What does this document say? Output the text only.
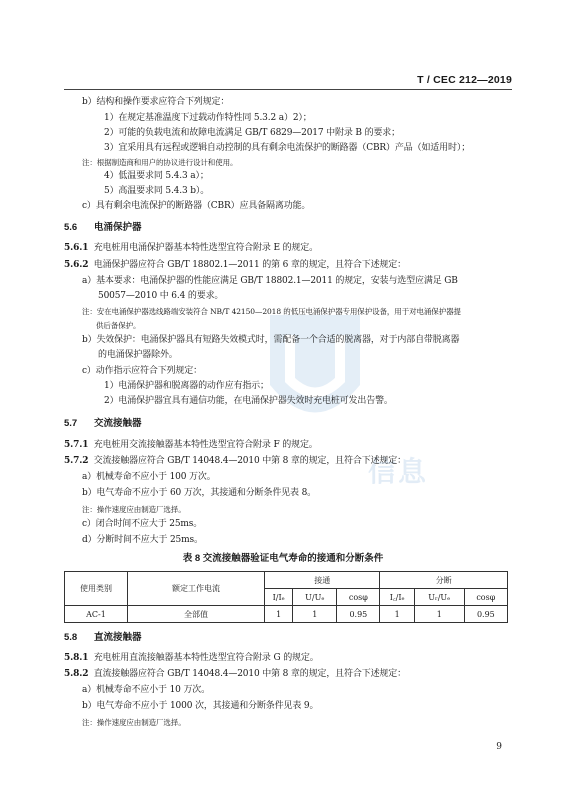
T / CEC 212—2019
信息
b）结构和操作要求应符合下列规定：
1）在规定基准温度下过载动作特性同 5.3.2 a）2）；
2）可能的负载电流和故障电流满足 GB/T 6829—2017 中附录 B 的要求；
3）宜采用具有远程或逻辑自动控制的具有剩余电流保护的断路器（CBR）产品（如适用时）；
注：根据制造商和用户的协议进行设计和使用。
4）低温要求同 5.4.3 a）；
5）高温要求同 5.4.3 b）。
c）具有剩余电流保护的断路器（CBR）应具备隔离功能。
5.6 电涌保护器
5.6.1 充电桩用电涌保护器基本特性选型宜符合附录 E 的规定。
5.6.2 电涌保护器应符合 GB/T 18802.1—2011 的第 6 章的规定，且符合下述规定：
a）基本要求：电涌保护器的性能应满足 GB/T 18802.1—2011 的规定，安装与选型应满足 GB
50057—2010 中 6.4 的要求。
注：安在电涌保护器选线路端安装符合 NB/T 42150—2018 的低压电涌保护器专用保护设备，用于对电涌保护器提
供后备保护。
b）失效保护：电涌保护器具有短路失效模式时，需配备一个合适的脱离器，对于内部自带脱离器
的电涌保护器除外。
c）动作指示应符合下列规定：
1）电涌保护器和脱离器的动作应有指示；
2）电涌保护器宜具有通信功能，在电涌保护器失效时充电桩可发出告警。
5.7 交流接触器
5.7.1 充电桩用交流接触器基本特性选型宜符合附录 F 的规定。
5.7.2 交流接触器应符合 GB/T 14048.4—2010 中第 8 章的规定，且符合下述规定：
a）机械寿命不应小于 100 万次。
b）电气寿命不应小于 60 万次，其接通和分断条件见表 8。
注：操作速度应由制造厂选择。
c）闭合时间不应大于 25ms。
d）分断时间不应大于 25ms。
表 8 交流接触器验证电气寿命的接通和分断条件
使用类别	额定工作电流	接通			分断		
		I/Iₑ	U/Uₑ	cosφ	I꜀/Iₑ	Uᵣ/Uₑ	cosφ
AC-1	全部值	1	1	0.95	1	1	0.95
5.8 直流接触器
5.8.1 充电桩用直流接触器基本特性选型宜符合附录 G 的规定。
5.8.2 直流接触器应符合 GB/T 14048.4—2010 中第 8 章的规定，且符合下述规定：
a）机械寿命不应小于 10 万次。
b）电气寿命不应小于 1000 次，其接通和分断条件见表 9。
注：操作速度应由制造厂选择。
9
